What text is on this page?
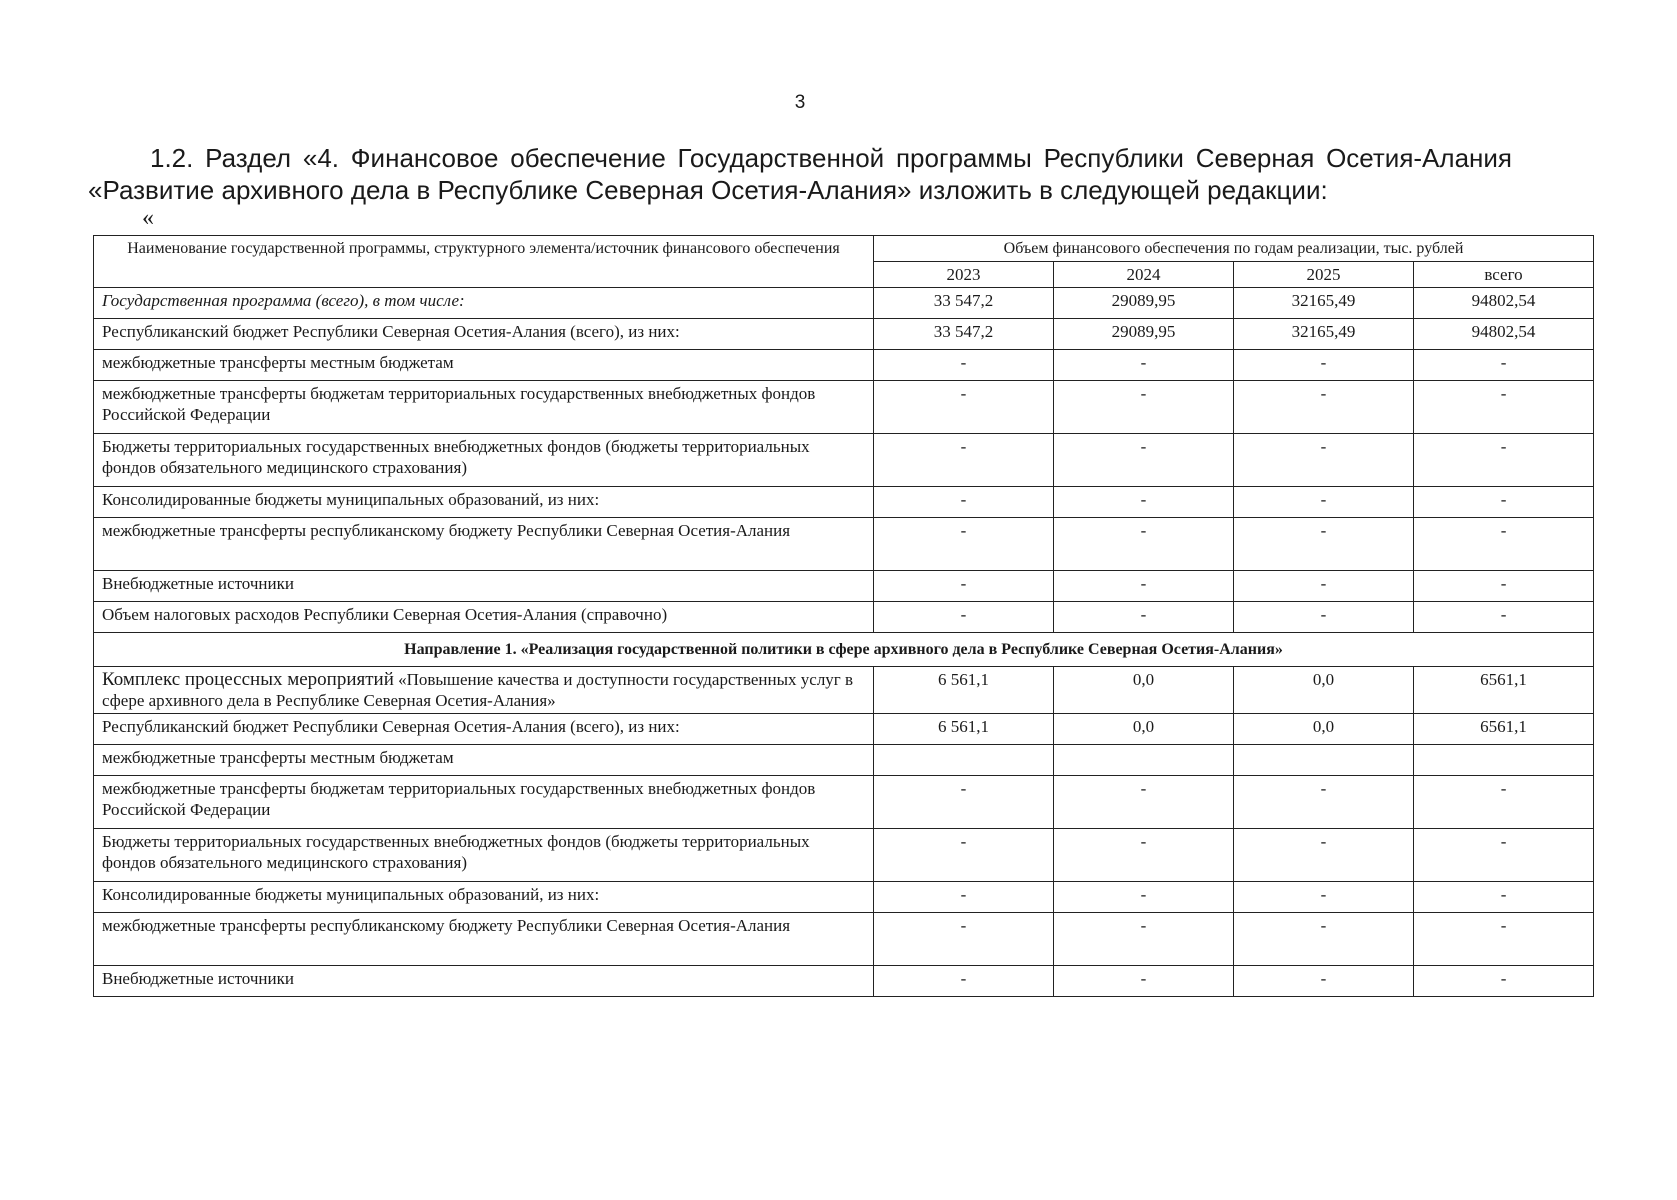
3
1.2. Раздел «4. Финансовое обеспечение Государственной программы Республики Северная Осетия-Алания
«Развитие архивного дела в Республике Северная Осетия-Алания» изложить в следующей редакции:
«
Наименование государственной программы, структурного элемента/источник финансового обеспечения	Объем финансового обеспечения по годам реализации, тыс. рублей			
	2023	2024	2025	всего
Государственная программа (всего), в том числе:	33 547,2	29089,95	32165,49	94802,54
Республиканский бюджет Республики Северная Осетия-Алания (всего), из них:	33 547,2	29089,95	32165,49	94802,54
межбюджетные трансферты местным бюджетам	-	-	-	-
межбюджетные трансферты бюджетам территориальных государственных внебюджетных фондов Российской Федерации	-	-	-	-
Бюджеты территориальных государственных внебюджетных фондов (бюджеты территориальных фондов обязательного медицинского страхования)	-	-	-	-
Консолидированные бюджеты муниципальных образований, из них:	-	-	-	-
межбюджетные трансферты республиканскому бюджету Республики Северная Осетия-Алания	-	-	-	-
Внебюджетные источники	-	-	-	-
Объем налоговых расходов Республики Северная Осетия-Алания (справочно)	-	-	-	-
Направление 1. «Реализация государственной политики в сфере архивного дела в Республике Северная Осетия-Алания»				
Комплекс процессных мероприятий «Повышение качества и доступности государственных услуг в сфере архивного дела в Республике Северная Осетия-Алания»	6 561,1	0,0	0,0	6561,1
Республиканский бюджет Республики Северная Осетия-Алания (всего), из них:	6 561,1	0,0	0,0	6561,1
межбюджетные трансферты местным бюджетам				
межбюджетные трансферты бюджетам территориальных государственных внебюджетных фондов Российской Федерации	-	-	-	-
Бюджеты территориальных государственных внебюджетных фондов (бюджеты территориальных фондов обязательного медицинского страхования)	-	-	-	-
Консолидированные бюджеты муниципальных образований, из них:	-	-	-	-
межбюджетные трансферты республиканскому бюджету Республики Северная Осетия-Алания	-	-	-	-
Внебюджетные источники	-	-	-	-
